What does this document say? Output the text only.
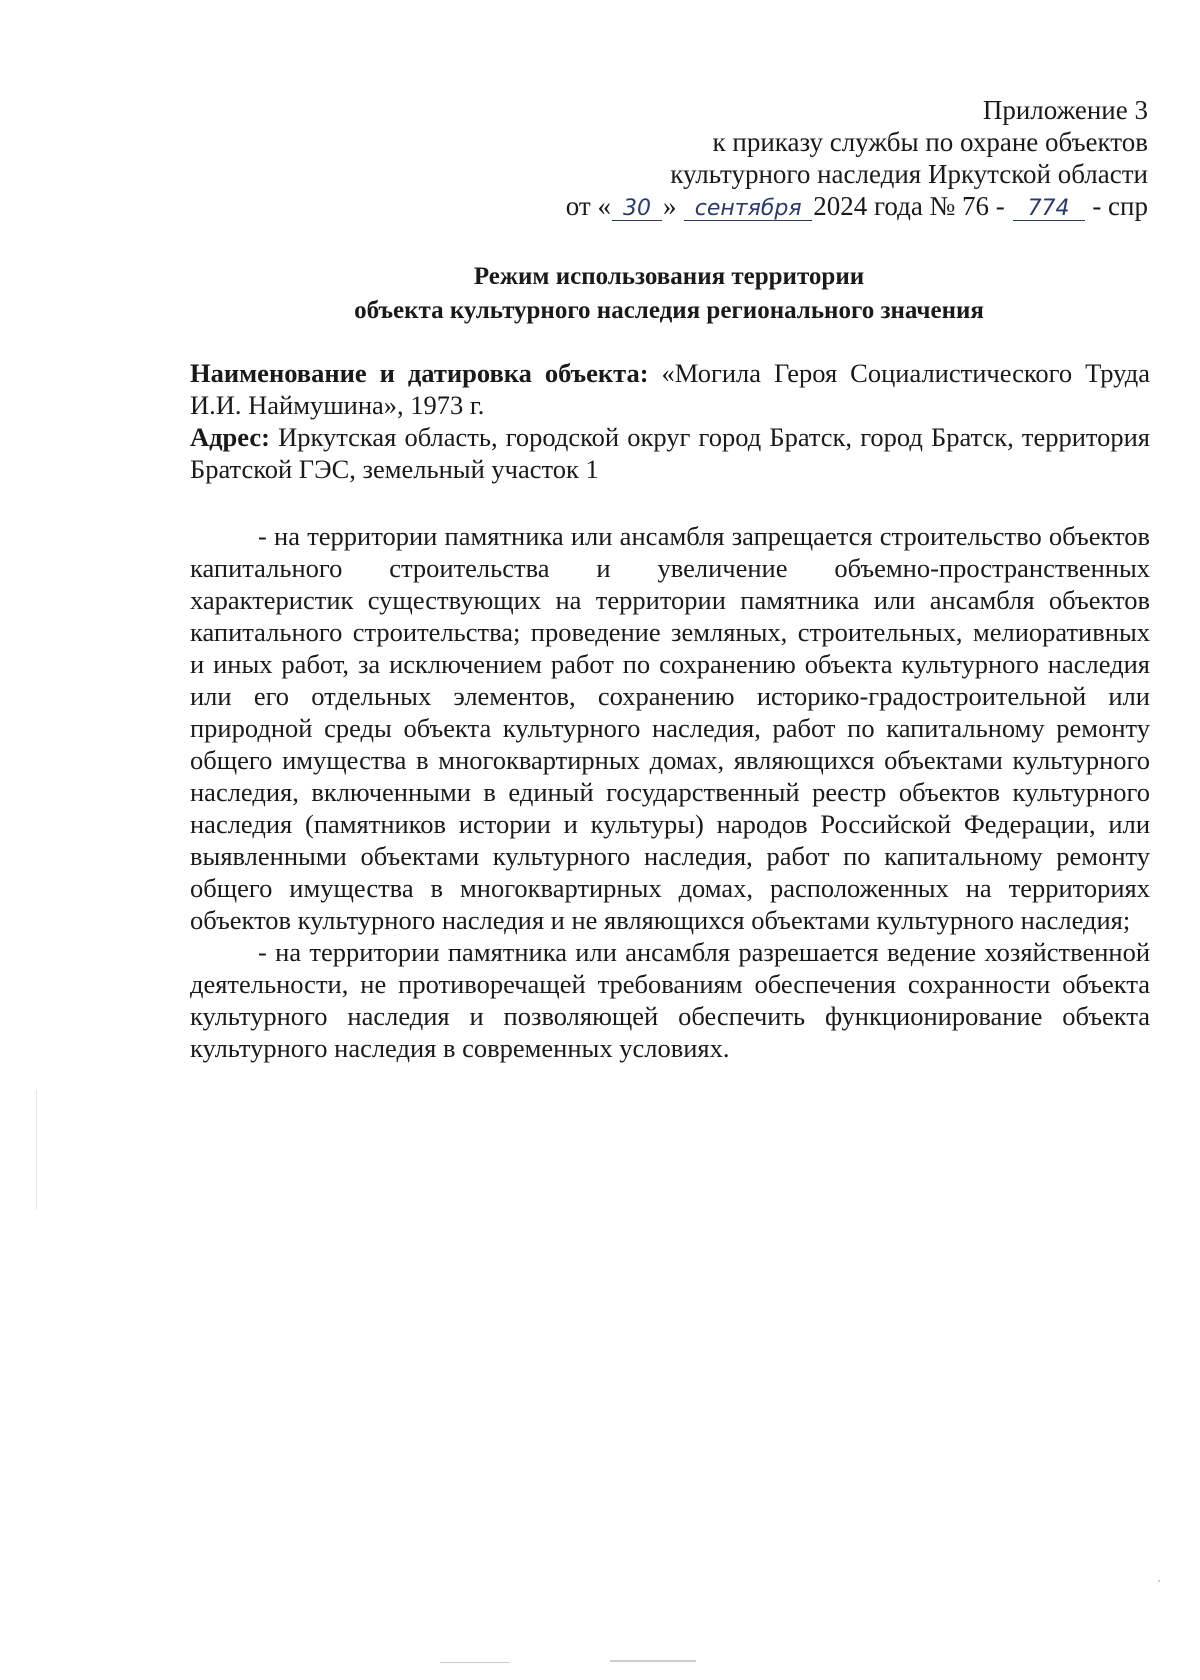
Приложение 3
к приказу службы по охране объектов
культурного наследия Иркутской области
от « 30 » сентября 2024 года № 76 - 774 - спр
Режим использования территории
объекта культурного наследия регионального значения

Наименование и датировка объекта: «Могила Героя Социалистического Труда И.И. Наймушина», 1973 г.

Адрес: Иркутская область, городской округ город Братск, город Братск, территория Братской ГЭС, земельный участок 1

- на территории памятника или ансамбля запрещается строительство объектов капитального строительства и увеличение объемно-пространственных характеристик существующих на территории памятника или ансамбля объектов капитального строительства; проведение земляных, строительных, мелиоративных и иных работ, за исключением работ по сохранению объекта культурного наследия или его отдельных элементов, сохранению историко-градостроительной или природной среды объекта культурного наследия, работ по капитальному ремонту общего имущества в многоквартирных домах, являющихся объектами культурного наследия, включенными в единый государственный реестр объектов культурного наследия (памятников истории и культуры) народов Российской Федерации, или выявленными объектами культурного наследия, работ по капитальному ремонту общего имущества в многоквартирных домах, расположенных на территориях объектов культурного наследия и не являющихся объектами культурного наследия;

- на территории памятника или ансамбля разрешается ведение хозяйственной деятельности, не противоречащей требованиям обеспечения сохранности объекта культурного наследия и позволяющей обеспечить функционирование объекта культурного наследия в современных условиях.
